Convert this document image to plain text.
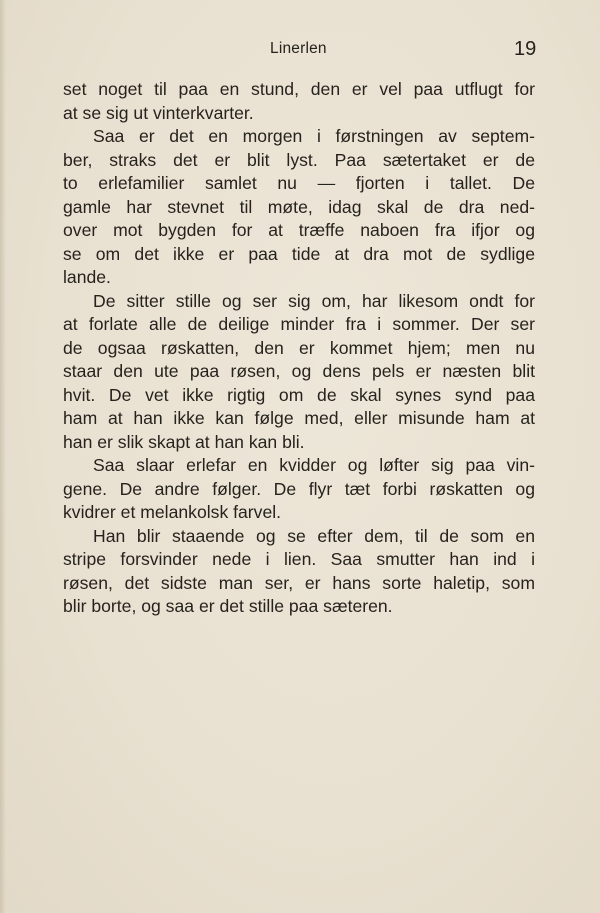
Linerlen	19
set noget til paa en stund, den er vel paa utflugt for
at se sig ut vinterkvarter.
Saa er det en morgen i førstningen av septem-
ber, straks det er blit lyst. Paa sætertaket er de
to erlefamilier samlet nu — fjorten i tallet. De
gamle har stevnet til møte, idag skal de dra ned-
over mot bygden for at træffe naboen fra ifjor og
se om det ikke er paa tide at dra mot de sydlige
lande.
De sitter stille og ser sig om, har likesom ondt for
at forlate alle de deilige minder fra i sommer. Der ser
de ogsaa røskatten, den er kommet hjem; men nu
staar den ute paa røsen, og dens pels er næsten blit
hvit. De vet ikke rigtig om de skal synes synd paa
ham at han ikke kan følge med, eller misunde ham at
han er slik skapt at han kan bli.
Saa slaar erlefar en kvidder og løfter sig paa vin-
gene. De andre følger. De flyr tæt forbi røskatten og
kvidrer et melankolsk farvel.
Han blir staaende og se efter dem, til de som en
stripe forsvinder nede i lien. Saa smutter han ind i
røsen, det sidste man ser, er hans sorte haletip, som
blir borte, og saa er det stille paa sæteren.
